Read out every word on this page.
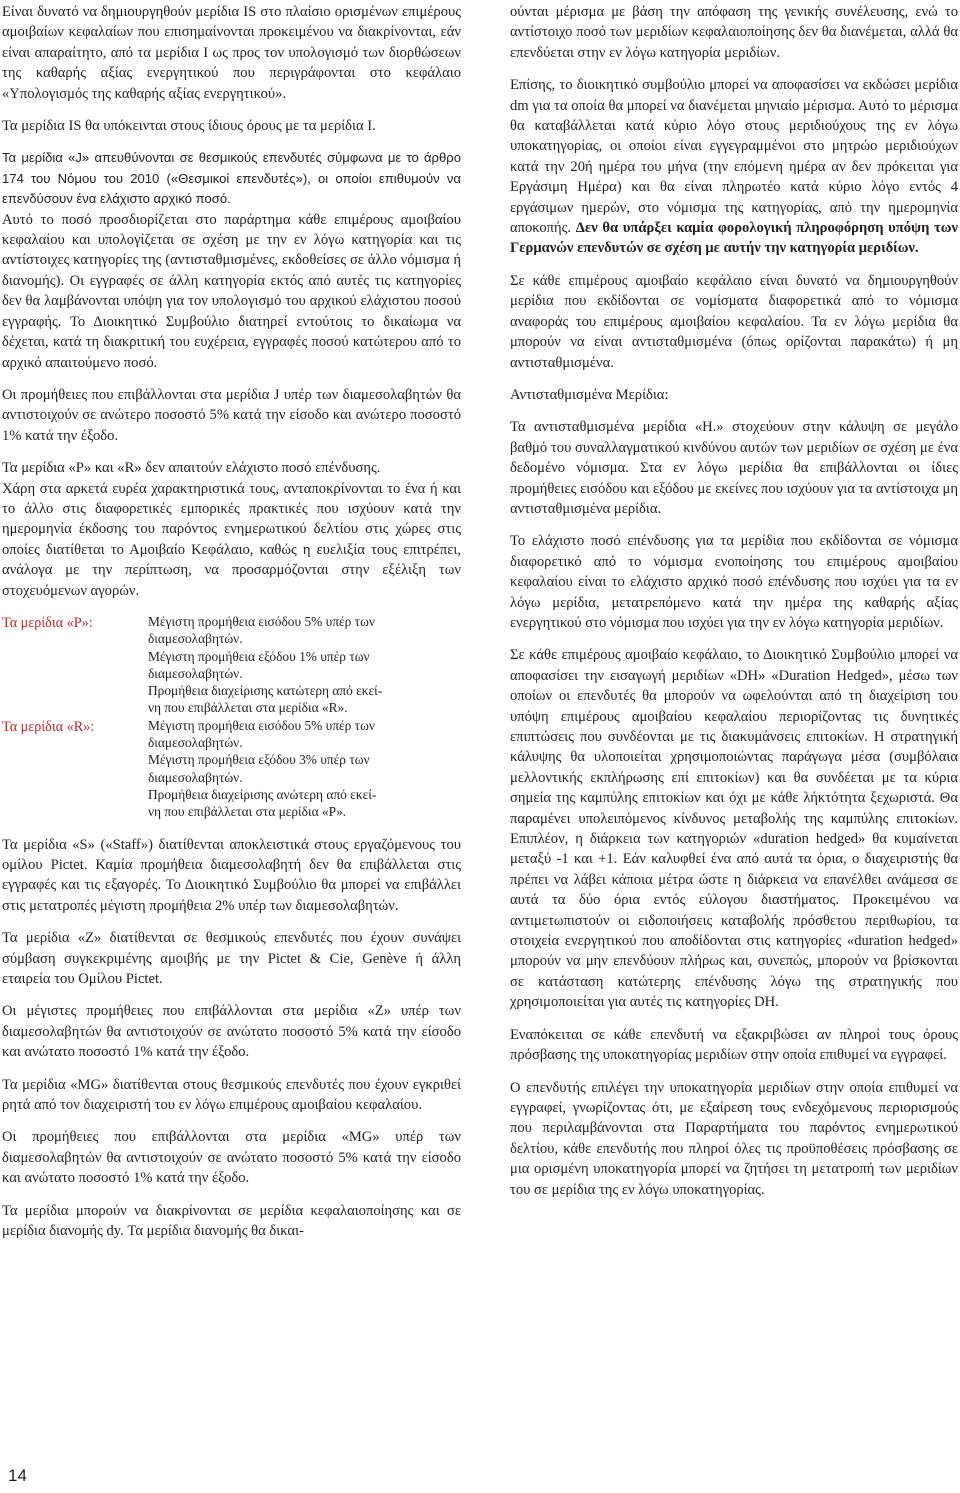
Είναι δυνατό να δημιουργηθούν μερίδια IS στο πλαίσιο ορισμένων επιμέρους αμοιβαίων κεφαλαίων που επισημαίνονται προκειμένου να διακρίνονται, εάν είναι απαραίτητο, από τα μερίδια I ως προς τον υπολογισμό των διορθώσεων της καθαρής αξίας ενεργητικού που περιγράφονται στο κεφάλαιο «Υπολογισμός της καθαρής αξίας ενεργητικού».

Τα μερίδια IS θα υπόκεινται στους ίδιους όρους με τα μερίδια I.

Τα μερίδια «J» απευθύνονται σε θεσμικούς επενδυτές σύμφωνα με το άρθρο 174 του Νόμου του 2010 («Θεσμικοί επενδυτές»), οι οποίοι επιθυμούν να επενδύσουν ένα ελάχιστο αρχικό ποσό.

Αυτό το ποσό προσδιορίζεται στο παράρτημα κάθε επιμέρους αμοιβαίου κεφαλαίου και υπολογίζεται σε σχέση με την εν λόγω κατηγορία και τις αντίστοιχες κατηγορίες της (αντισταθμισμένες, εκδοθείσες σε άλλο νόμισμα ή διανομής). Οι εγγραφές σε άλλη κατηγορία εκτός από αυτές τις κατηγορίες δεν θα λαμβάνονται υπόψη για τον υπολογισμό του αρχικού ελάχιστου ποσού εγγραφής. Το Διοικητικό Συμβούλιο διατηρεί εντούτοις το δικαίωμα να δέχεται, κατά τη διακριτική του ευχέρεια, εγγραφές ποσού κατώτερου από το αρχικό απαιτούμενο ποσό.

Οι προμήθειες που επιβάλλονται στα μερίδια J υπέρ των διαμεσολαβητών θα αντιστοιχούν σε ανώτερο ποσοστό 5% κατά την είσοδο και ανώτερο ποσοστό 1% κατά την έξοδο.

Τα μερίδια «P» και «R» δεν απαιτούν ελάχιστο ποσό επένδυσης.

Χάρη στα αρκετά ευρέα χαρακτηριστικά τους, ανταποκρίνονται το ένα ή και το άλλο στις διαφορετικές εμπορικές πρακτικές που ισχύουν κατά την ημερομηνία έκδοσης του παρόντος ενημερωτικού δελτίου στις χώρες στις οποίες διατίθεται το Αμοιβαίο Κεφάλαιο, καθώς η ευελιξία τους επιτρέπει, ανάλογα με την περίπτωση, να προσαρμόζονται στην εξέλιξη των στοχευόμενων αγορών.

Τα μερίδια «P»:	Μέγιστη προμήθεια εισόδου 5% υπέρ των
διαμεσολαβητών.
Μέγιστη προμήθεια εξόδου 1% υπέρ των
διαμεσολαβητών.
Προμήθεια διαχείρισης κατώτερη από εκεί-
νη που επιβάλλεται στα μερίδια «R».
Τα μερίδια «R»:	Μέγιστη προμήθεια εισόδου 5% υπέρ των
διαμεσολαβητών.
Μέγιστη προμήθεια εξόδου 3% υπέρ των
διαμεσολαβητών.
Προμήθεια διαχείρισης ανώτερη από εκεί-
νη που επιβάλλεται στα μερίδια «P».

Τα μερίδια «S» («Staff») διατίθενται αποκλειστικά στους εργαζόμενους του ομίλου Pictet. Καμία προμήθεια διαμεσολαβητή δεν θα επιβάλλεται στις εγγραφές και τις εξαγορές. Το Διοικητικό Συμβούλιο θα μπορεί να επιβάλλει στις μετατροπές μέγιστη προμήθεια 2% υπέρ των διαμεσολαβητών.

Τα μερίδια «Z» διατίθενται σε θεσμικούς επενδυτές που έχουν συνάψει σύμβαση συγκεκριμένης αμοιβής με την Pictet & Cie, Genève ή άλλη εταιρεία του Ομίλου Pictet.

Οι μέγιστες προμήθειες που επιβάλλονται στα μερίδια «Z» υπέρ των διαμεσολαβητών θα αντιστοιχούν σε ανώτατο ποσοστό 5% κατά την είσοδο και ανώτατο ποσοστό 1% κατά την έξοδο.

Τα μερίδια «MG» διατίθενται στους θεσμικούς επενδυτές που έχουν εγκριθεί ρητά από τον διαχειριστή του εν λόγω επιμέρους αμοιβαίου κεφαλαίου.

Οι προμήθειες που επιβάλλονται στα μερίδια «MG» υπέρ των διαμεσολαβητών θα αντιστοιχούν σε ανώτατο ποσοστό 5% κατά την είσοδο και ανώτατο ποσοστό 1% κατά την έξοδο.

Τα μερίδια μπορούν να διακρίνονται σε μερίδια κεφαλαιοποίησης και σε μερίδια διανομής dy. Τα μερίδια διανομής θα δικαι-

ούνται μέρισμα με βάση την απόφαση της γενικής συνέλευσης, ενώ το αντίστοιχο ποσό των μεριδίων κεφαλαιοποίησης δεν θα διανέμεται, αλλά θα επενδύεται στην εν λόγω κατηγορία μεριδίων.

Επίσης, το διοικητικό συμβούλιο μπορεί να αποφασίσει να εκδώσει μερίδια dm για τα οποία θα μπορεί να διανέμεται μηνιαίο μέρισμα. Αυτό το μέρισμα θα καταβάλλεται κατά κύριο λόγο στους μεριδιούχους της εν λόγω υποκατηγορίας, οι οποίοι είναι εγγεγραμμένοι στο μητρώο μεριδιούχων κατά την 20ή ημέρα του μήνα (την επόμενη ημέρα αν δεν πρόκειται για Εργάσιμη Ημέρα) και θα είναι πληρωτέο κατά κύριο λόγο εντός 4 εργάσιμων ημερών, στο νόμισμα της κατηγορίας, από την ημερομηνία αποκοπής. Δεν θα υπάρξει καμία φορολογική πληροφόρηση υπόψη των Γερμανών επενδυτών σε σχέση με αυτήν την κατηγορία μεριδίων.

Σε κάθε επιμέρους αμοιβαίο κεφάλαιο είναι δυνατό να δημιουργηθούν μερίδια που εκδίδονται σε νομίσματα διαφορετικά από το νόμισμα αναφοράς του επιμέρους αμοιβαίου κεφαλαίου. Τα εν λόγω μερίδια θα μπορούν να είναι αντισταθμισμένα (όπως ορίζονται παρακάτω) ή μη αντισταθμισμένα.

Αντισταθμισμένα Μερίδια:

Τα αντισταθμισμένα μερίδια «H.» στοχεύουν στην κάλυψη σε μεγάλο βαθμό του συναλλαγματικού κινδύνου αυτών των μεριδίων σε σχέση με ένα δεδομένο νόμισμα. Στα εν λόγω μερίδια θα επιβάλλονται οι ίδιες προμήθειες εισόδου και εξόδου με εκείνες που ισχύουν για τα αντίστοιχα μη αντισταθμισμένα μερίδια.

Το ελάχιστο ποσό επένδυσης για τα μερίδια που εκδίδονται σε νόμισμα διαφορετικό από το νόμισμα ενοποίησης του επιμέρους αμοιβαίου κεφαλαίου είναι το ελάχιστο αρχικό ποσό επένδυσης που ισχύει για τα εν λόγω μερίδια, μετατρεπόμενο κατά την ημέρα της καθαρής αξίας ενεργητικού στο νόμισμα που ισχύει για την εν λόγω κατηγορία μεριδίων.

Σε κάθε επιμέρους αμοιβαίο κεφάλαιο, το Διοικητικό Συμβούλιο μπορεί να αποφασίσει την εισαγωγή μεριδίων «DH» «Duration Hedged», μέσω των οποίων οι επενδυτές θα μπορούν να ωφελούνται από τη διαχείριση του υπόψη επιμέρους αμοιβαίου κεφαλαίου περιορίζοντας τις δυνητικές επιπτώσεις που συνδέονται με τις διακυμάνσεις επιτοκίων. Η στρατηγική κάλυψης θα υλοποιείται χρησιμοποιώντας παράγωγα μέσα (συμβόλαια μελλοντικής εκπλήρωσης επί επιτοκίων) και θα συνδέεται με τα κύρια σημεία της καμπύλης επιτοκίων και όχι με κάθε λήκτότητα ξεχωριστά. Θα παραμένει υπολειπόμενος κίνδυνος μεταβολής της καμπύλης επιτοκίων. Επιπλέον, η διάρκεια των κατηγοριών «duration hedged» θα κυμαίνεται μεταξύ -1 και +1. Εάν καλυφθεί ένα από αυτά τα όρια, ο διαχειριστής θα πρέπει να λάβει κάποια μέτρα ώστε η διάρκεια να επανέλθει ανάμεσα σε αυτά τα δύο όρια εντός εύλογου διαστήματος. Προκειμένου να αντιμετωπιστούν οι ειδοποιήσεις καταβολής πρόσθετου περιθωρίου, τα στοιχεία ενεργητικού που αποδίδονται στις κατηγορίες «duration hedged» μπορούν να μην επενδύουν πλήρως και, συνεπώς, μπορούν να βρίσκονται σε κατάσταση κατώτερης επένδυσης λόγω της στρατηγικής που χρησιμοποιείται για αυτές τις κατηγορίες DH.

Εναπόκειται σε κάθε επενδυτή να εξακριβώσει αν πληροί τους όρους πρόσβασης της υποκατηγορίας μεριδίων στην οποία επιθυμεί να εγγραφεί.

Ο επενδυτής επιλέγει την υποκατηγορία μεριδίων στην οποία επιθυμεί να εγγραφεί, γνωρίζοντας ότι, με εξαίρεση τους ενδεχόμενους περιορισμούς που περιλαμβάνονται στα Παραρτήματα του παρόντος ενημερωτικού δελτίου, κάθε επενδυτής που πληροί όλες τις προϋποθέσεις πρόσβασης σε μια ορισμένη υποκατηγορία μπορεί να ζητήσει τη μετατροπή των μεριδίων του σε μερίδια της εν λόγω υποκατηγορίας.

14
